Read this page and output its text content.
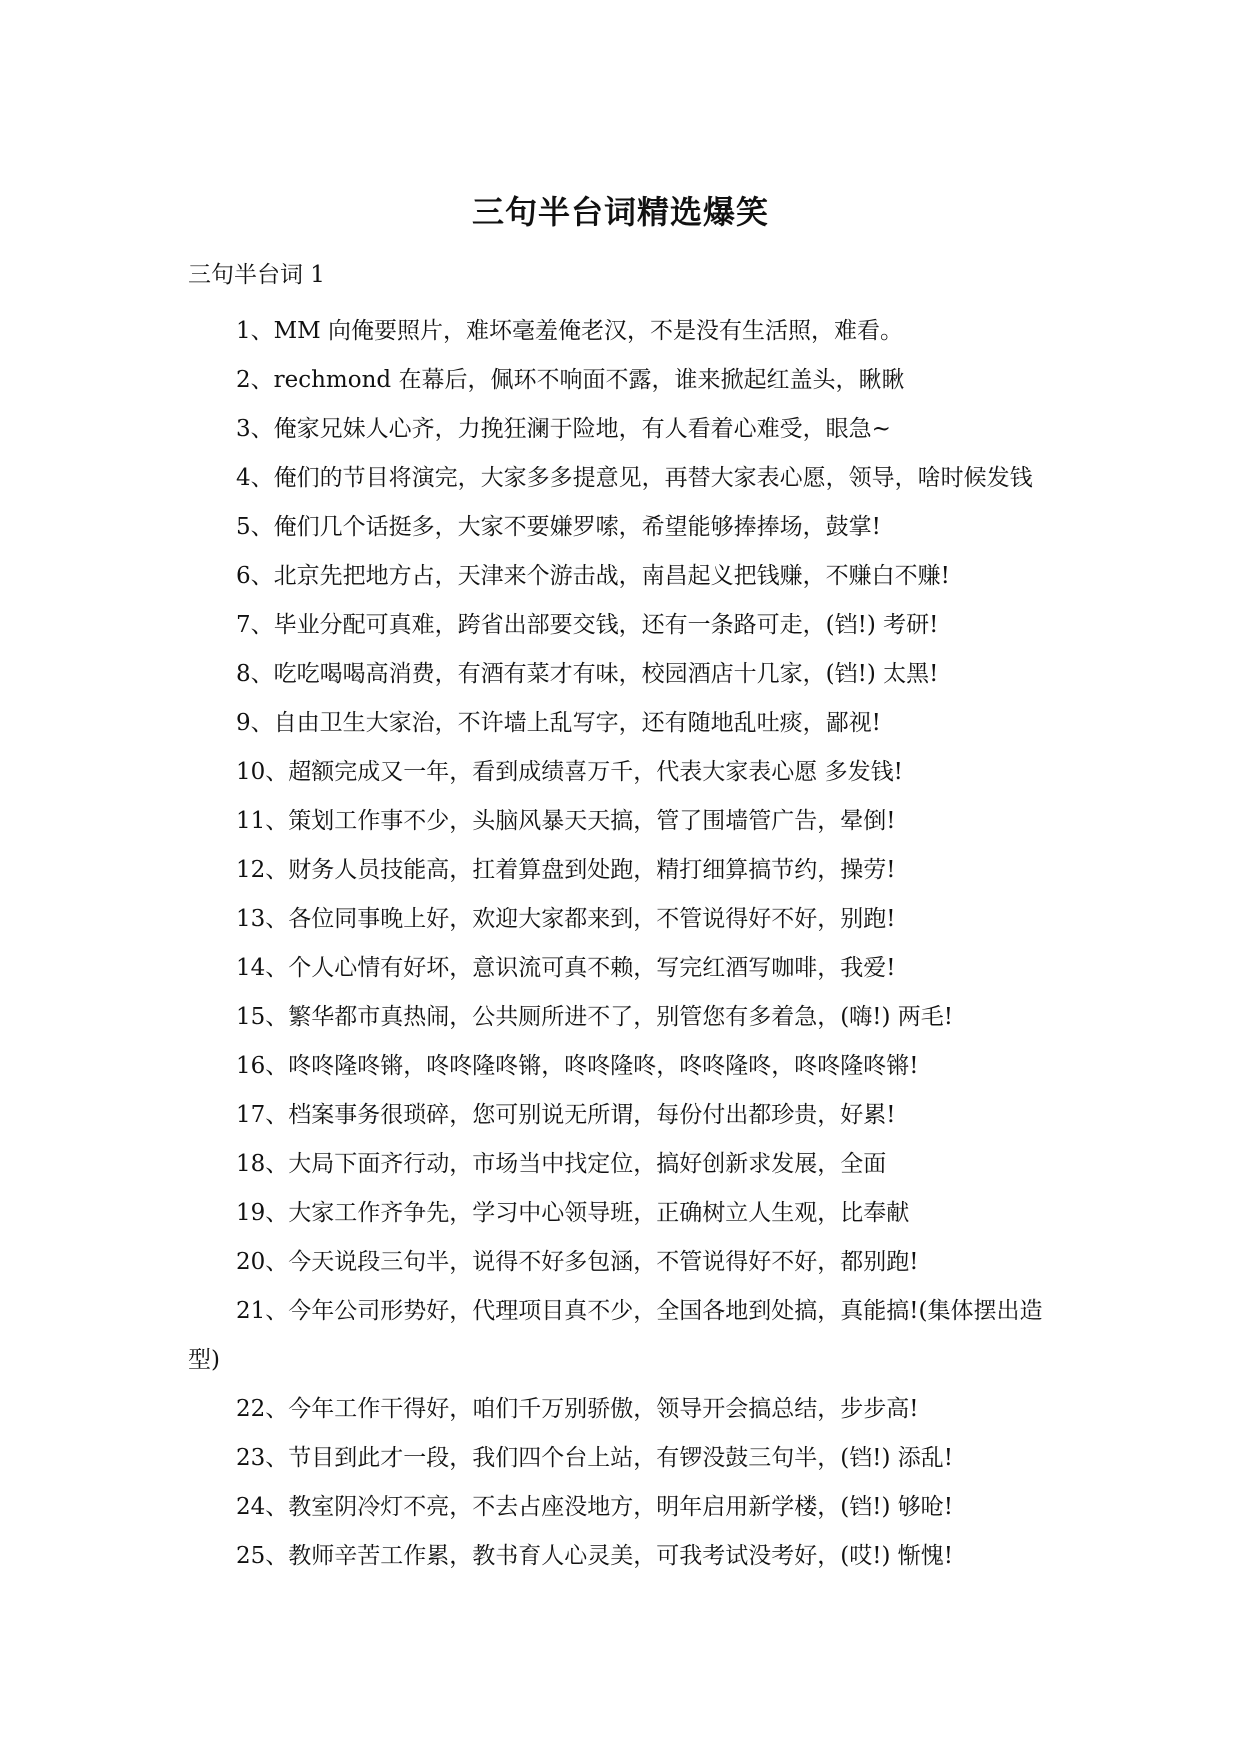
三句半台词精选爆笑

三句半台词 1

1、MM 向俺要照片，难坏毫羞俺老汉，不是没有生活照，难看。
2、rechmond 在幕后，佩环不响面不露，谁来掀起红盖头，瞅瞅
3、俺家兄妹人心齐，力挽狂澜于险地，有人看着心难受，眼急~
4、俺们的节目将演完，大家多多提意见，再替大家表心愿，领导，啥时候发钱
5、俺们几个话挺多，大家不要嫌罗嗦，希望能够捧捧场，鼓掌!
6、北京先把地方占，天津来个游击战，南昌起义把钱赚，不赚白不赚!
7、毕业分配可真难，跨省出部要交钱，还有一条路可走，(铛!) 考研!
8、吃吃喝喝高消费，有酒有菜才有味，校园酒店十几家，(铛!) 太黑!
9、自由卫生大家治，不许墙上乱写字，还有随地乱吐痰，鄙视!
10、超额完成又一年，看到成绩喜万千，代表大家表心愿 多发钱!
11、策划工作事不少，头脑风暴天天搞，管了围墙管广告，晕倒!
12、财务人员技能高，扛着算盘到处跑，精打细算搞节约，操劳!
13、各位同事晚上好，欢迎大家都来到，不管说得好不好，别跑!
14、个人心情有好坏，意识流可真不赖，写完红酒写咖啡，我爱!
15、繁华都市真热闹，公共厕所进不了，别管您有多着急，(嗨!) 两毛!
16、咚咚隆咚锵，咚咚隆咚锵，咚咚隆咚，咚咚隆咚，咚咚隆咚锵!
17、档案事务很琐碎，您可别说无所谓，每份付出都珍贵，好累!
18、大局下面齐行动，市场当中找定位，搞好创新求发展，全面
19、大家工作齐争先，学习中心领导班，正确树立人生观，比奉献
20、今天说段三句半，说得不好多包涵，不管说得好不好，都别跑!
21、今年公司形势好，代理项目真不少，全国各地到处搞，真能搞!(集体摆出造型)
22、今年工作干得好，咱们千万别骄傲，领导开会搞总结，步步高!
23、节目到此才一段，我们四个台上站，有锣没鼓三句半，(铛!) 添乱!
24、教室阴冷灯不亮，不去占座没地方，明年启用新学楼，(铛!) 够呛!
25、教师辛苦工作累，教书育人心灵美，可我考试没考好，(哎!) 惭愧!
